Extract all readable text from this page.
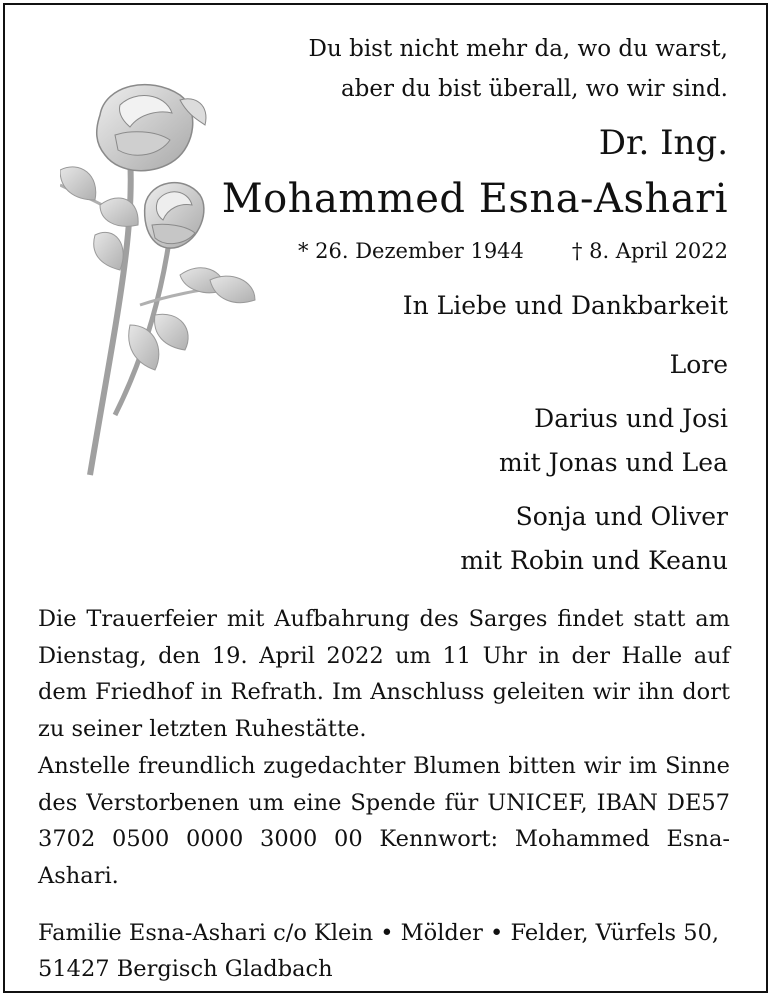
Du bist nicht mehr da, wo du warst,
aber du bist überall, wo wir sind.
Dr. Ing.
Mohammed Esna-Ashari
* 26. Dezember 1944 † 8. April 2022
In Liebe und Dankbarkeit
Lore
Darius und Josi
mit Jonas und Lea
Sonja und Oliver
mit Robin und Keanu

Die Trauerfeier mit Aufbahrung des Sarges findet statt am Dienstag, den 19. April 2022 um 11 Uhr in der Halle auf dem Friedhof in Refrath. Im Anschluss geleiten wir ihn dort zu seiner letzten Ruhestätte.

Anstelle freundlich zugedachter Blumen bitten wir im Sinne des Verstorbenen um eine Spende für UNICEF, IBAN DE57 3702 0500 0000 3000 00 Kennwort: Mohammed Esna-Ashari.

Familie Esna-Ashari c/o Klein • Mölder • Felder, Vürfels 50,
51427 Bergisch Gladbach
